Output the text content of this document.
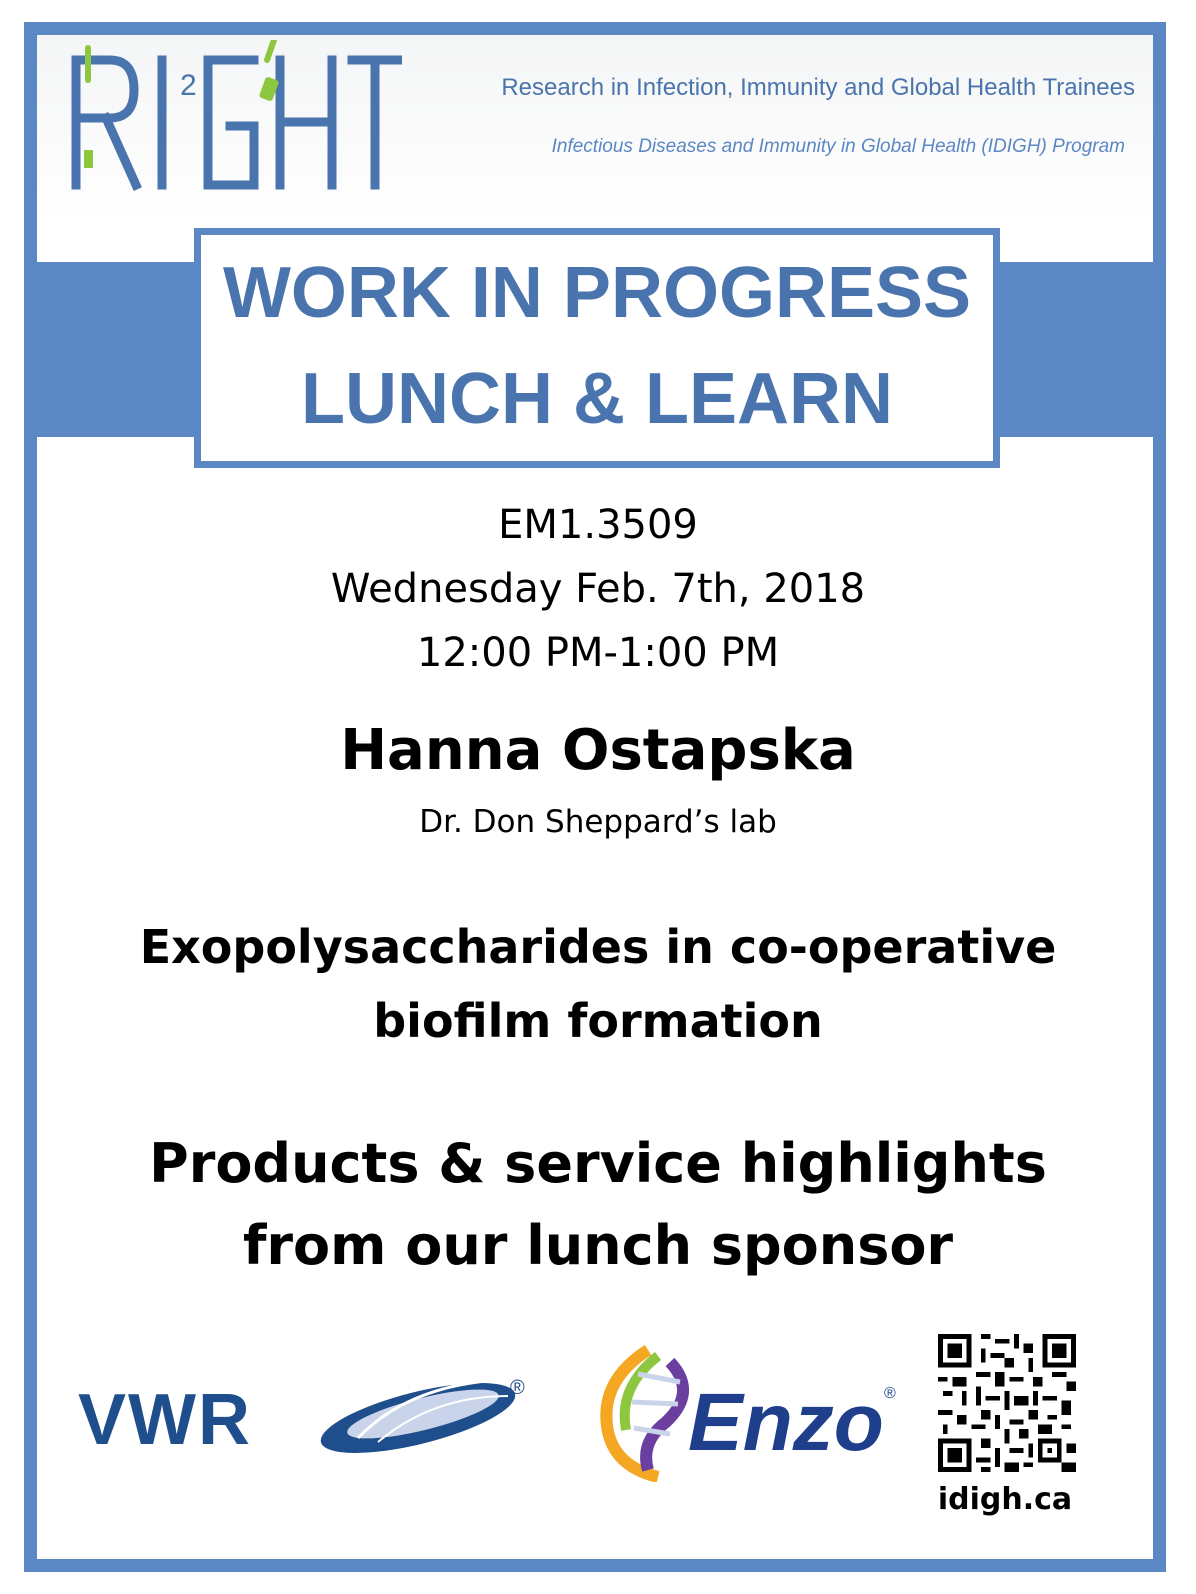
2	Research in Infection, Immunity and Global Health Trainees
Infectious Diseases and Immunity in Global Health (IDIGH) Program
WORK IN PROGRESS
LUNCH & LEARN
EM1.3509
Wednesday Feb. 7th, 2018
12:00 PM-1:00 PM
Hanna Ostapska
Dr. Don Sheppard’s lab
Exopolysaccharides in co-operative
biofilm formation
Products & service highlights
from our lunch sponsor
VWR	® Enzo ®
idigh.ca
